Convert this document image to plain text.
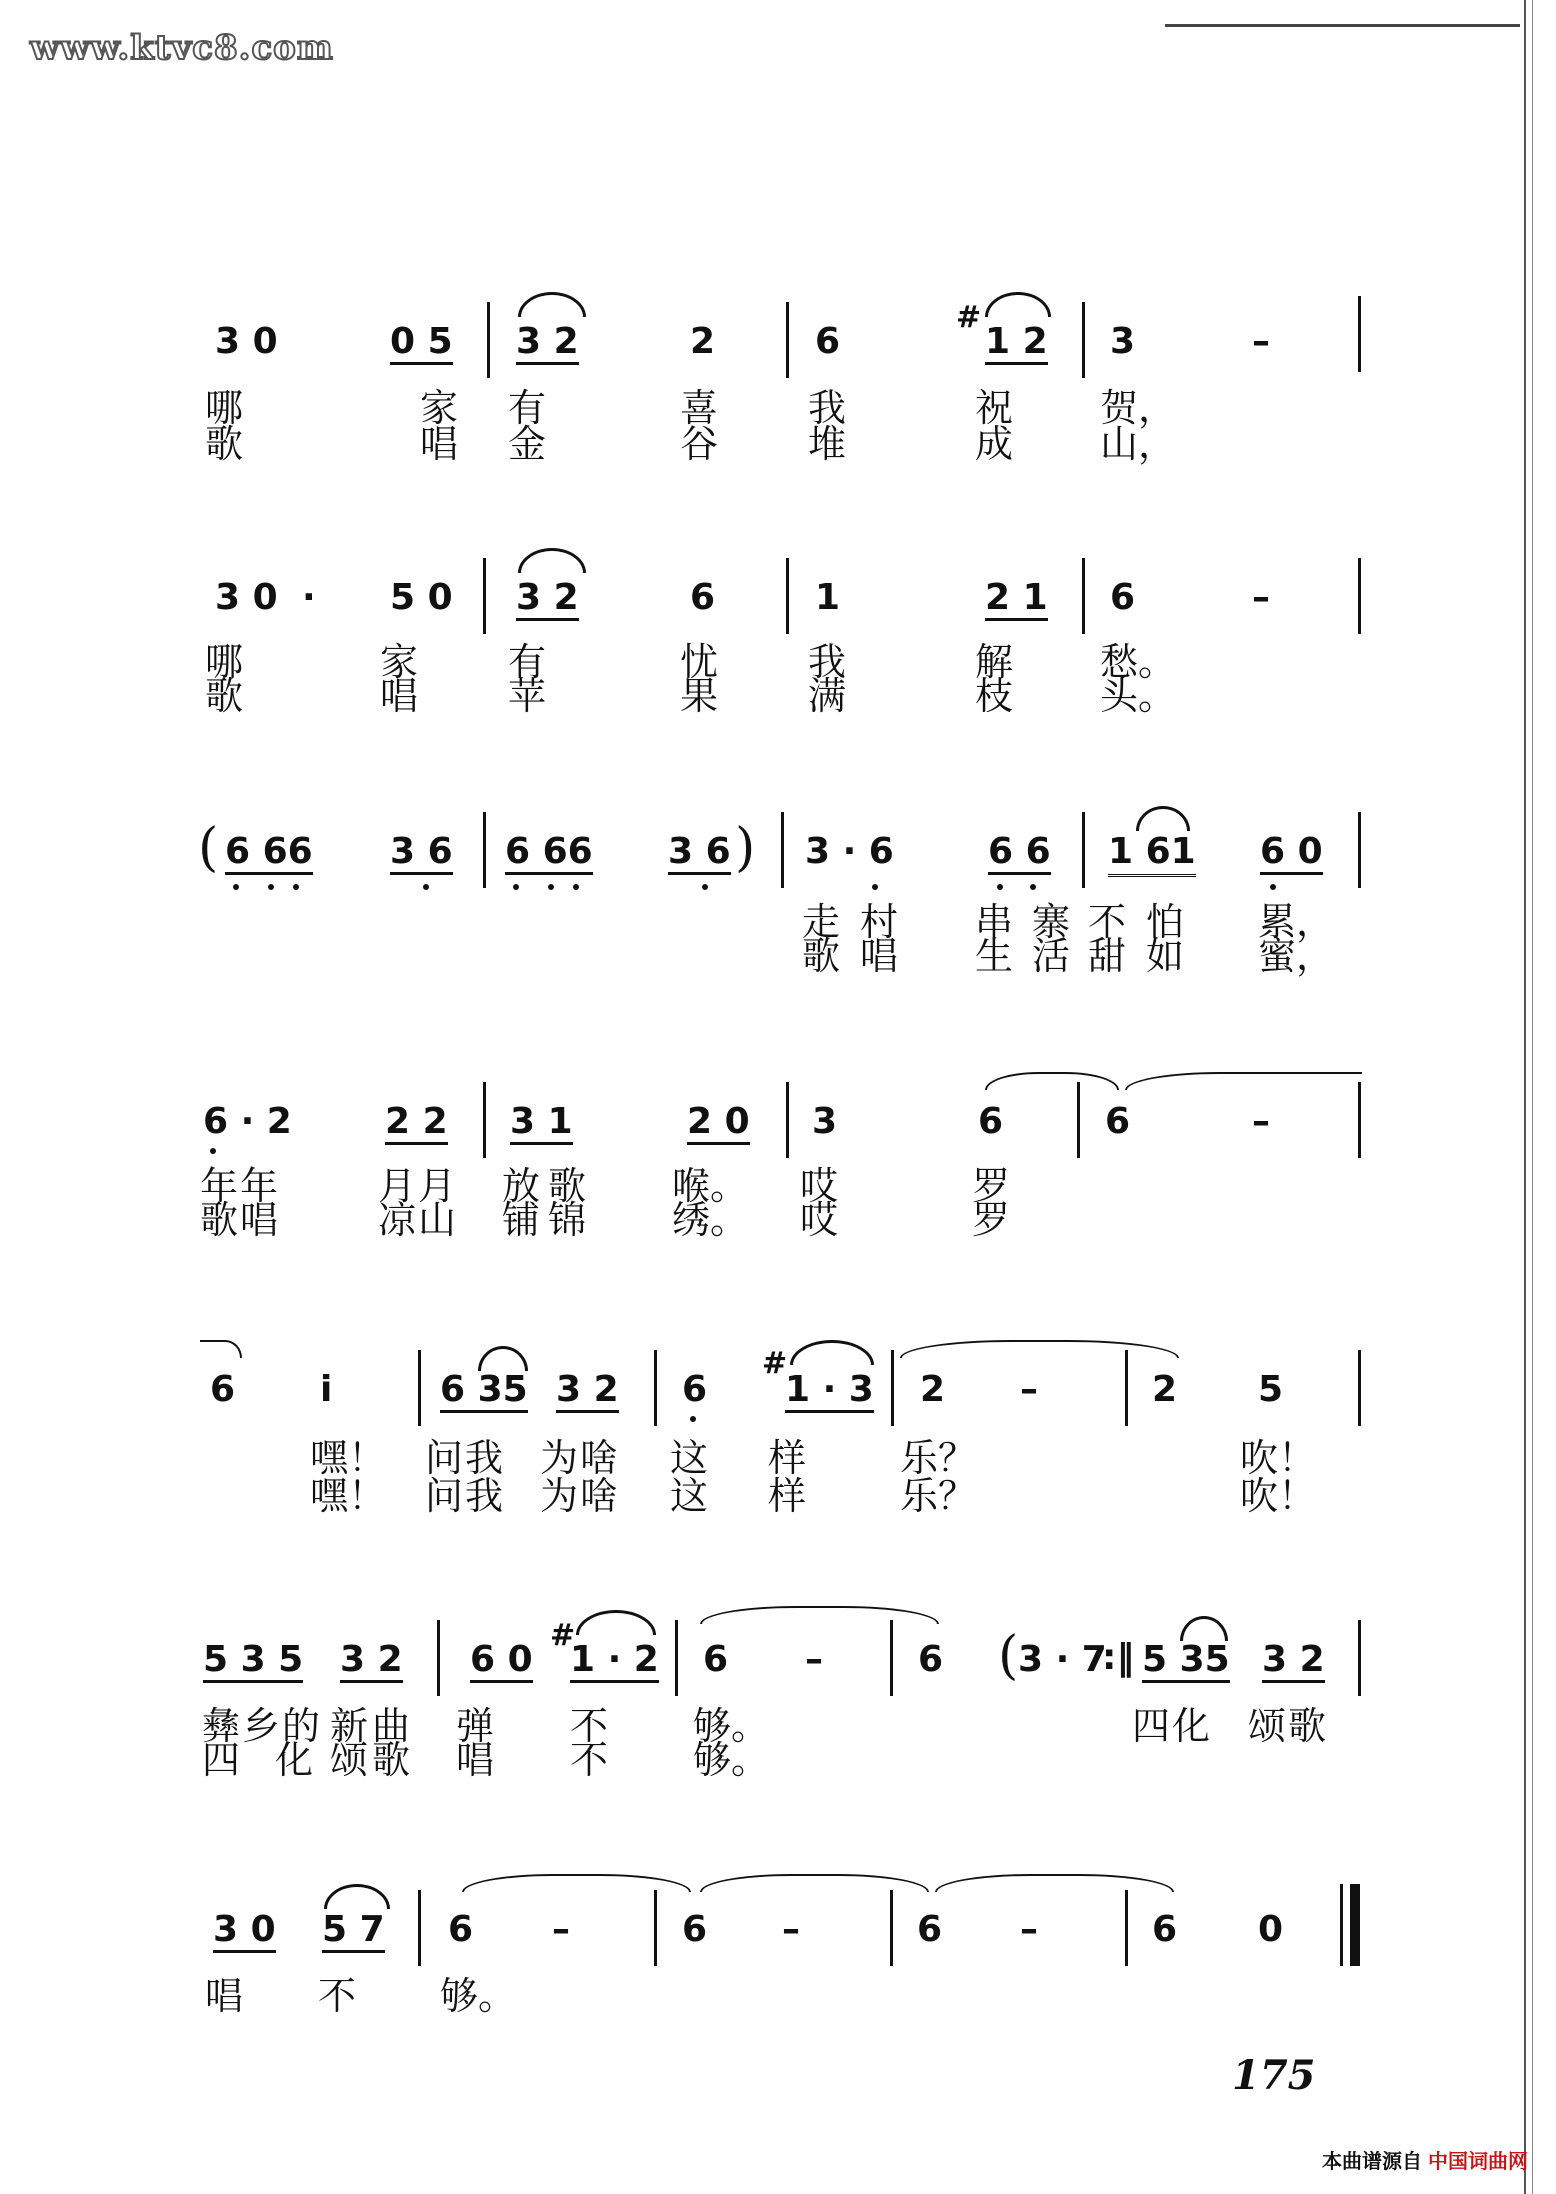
www.ktvc8.com
3 0	0 5 3 2	2	6
#
1 2 3	–
哪	家 有	喜 我	祝 贺，
歌	唱 金	谷 堆	成 山，
3 0 · 5 0 3 2	6	1	2 1 6	–
哪	家 有	忧 我	解 愁。
歌	唱 苹	果 满	枝 头。
( 6 66 3 6 6 66 3 6 ) 3 · 6	6 6 1 61 6 0
走 村 串 寨 不 怕 累，
歌 唱 生 活 甜 如 蜜，
6 · 2	2 2 3 1	2 0 3	6	6	–
年 年	月 月 放 歌 喉。 哎	罗
歌 唱	凉 山 铺 锦 绣。 哎	罗
6 i	6 35 3 2 6
#
1 · 3 2 –	2 5
嘿！ 问 我 为 啥 这 样 乐？	吹！
嘿！ 问 我 为 啥 这 样 乐？	吹！
5 3 5 3 2 6 0
#
1 · 2 6 –	6 ( 3 · 7
:‖ 5 35 3 2
彝 乡 的 新 曲 弹 不 够。	四 化 颂 歌
四 化 颂 歌 唱 不 够。
3 0 5 7 6 –	6 –	6 –	6 0
唱 不 够。
175
本曲谱源自 中国词曲网
